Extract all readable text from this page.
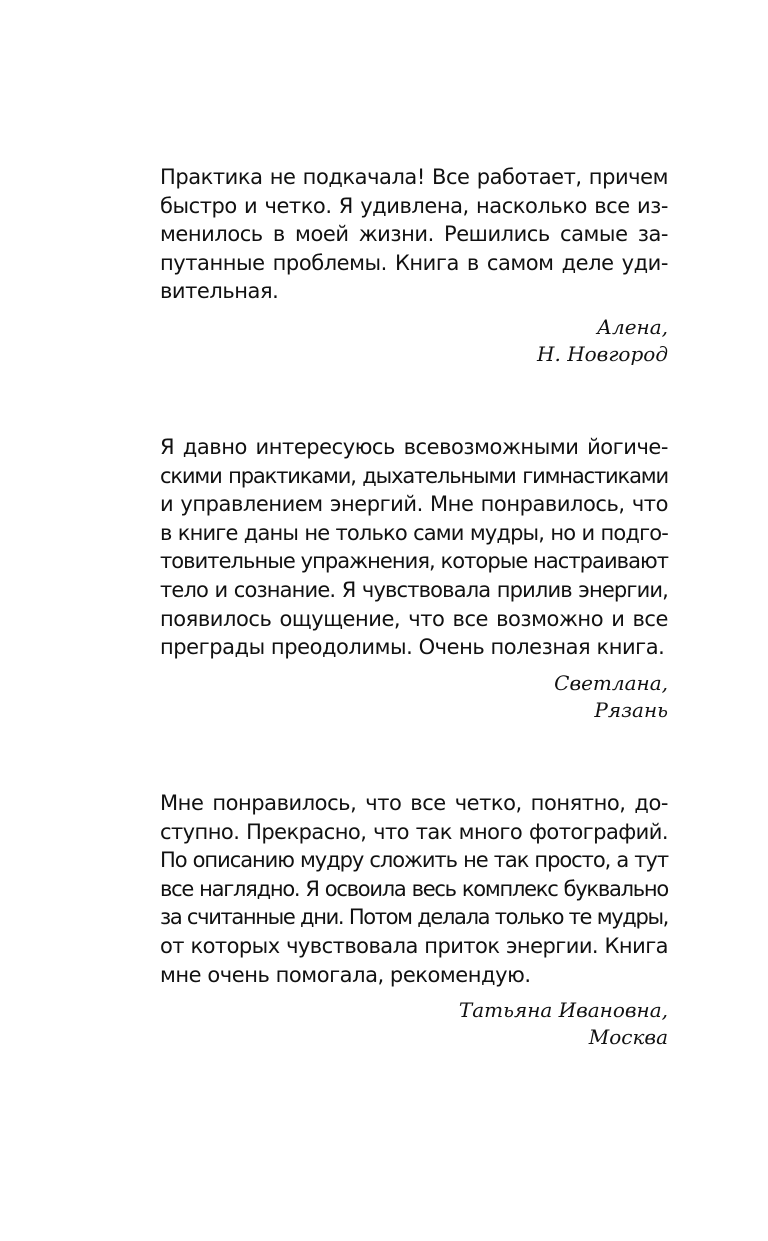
Практика не подкачала! Все работает, причем
быстро и четко. Я удивлена, насколько все из-
менилось в моей жизни. Решились самые за-
путанные проблемы. Книга в самом деле уди-
вительная.
Алена,
Н. Новгород
Я давно интересуюсь всевозможными йогиче-
скими практиками, дыхательными гимнастиками
и управлением энергий. Мне понравилось, что
в книге даны не только сами мудры, но и подго-
товительные упражнения, которые настраивают
тело и сознание. Я чувствовала прилив энергии,
появилось ощущение, что все возможно и все
преграды преодолимы. Очень полезная книга.
Светлана,
Рязань
Мне понравилось, что все четко, понятно, до-
ступно. Прекрасно, что так много фотографий.
По описанию мудру сложить не так просто, а тут
все наглядно. Я освоила весь комплекс буквально
за считанные дни. Потом делала только те мудры,
от которых чувствовала приток энергии. Книга
мне очень помогала, рекомендую.
Татьяна Ивановна,
Москва
